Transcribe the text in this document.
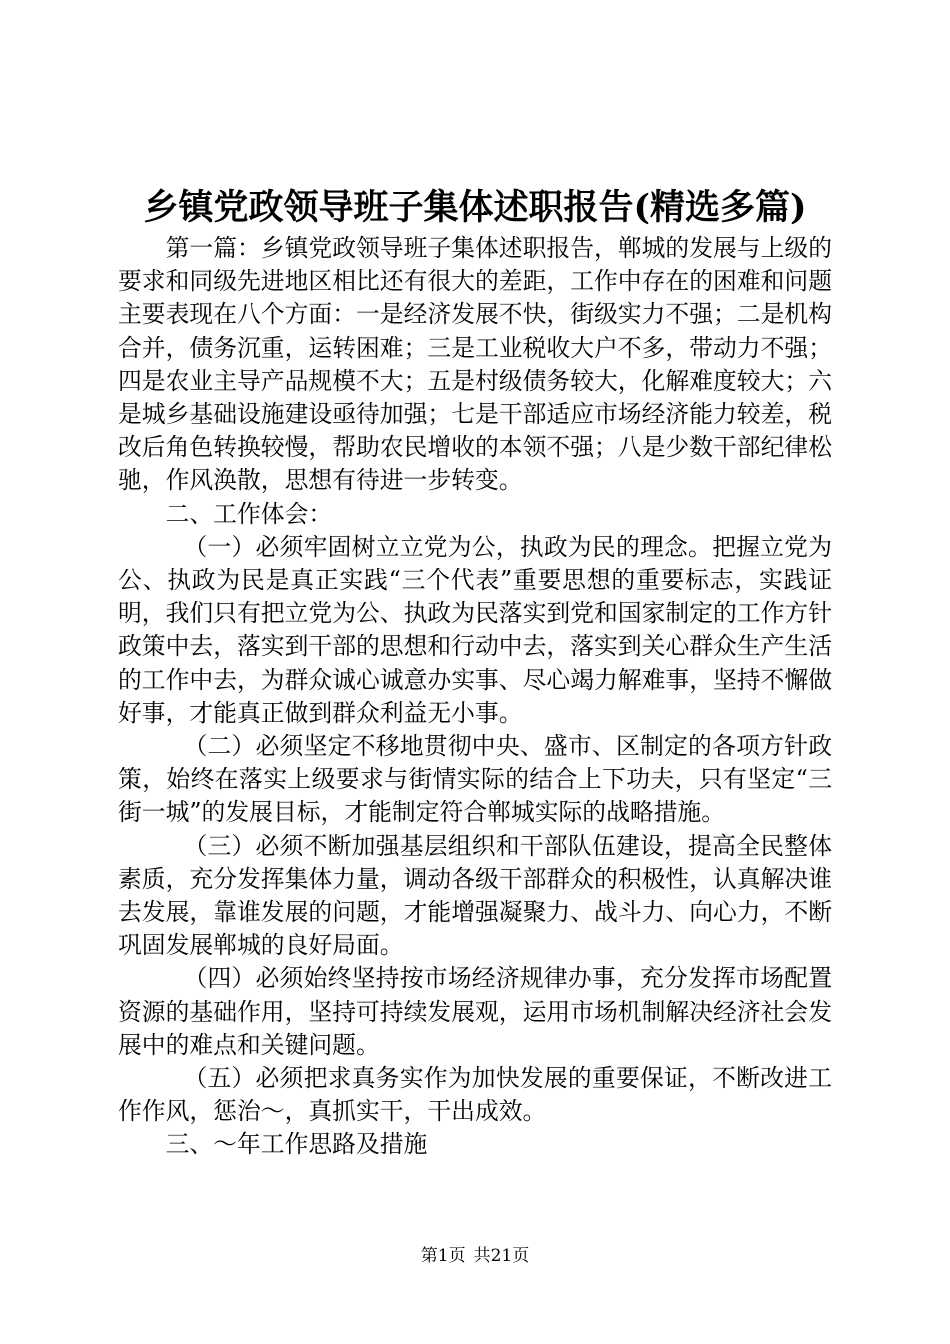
乡镇党政领导班子集体述职报告(精选多篇)

第一篇：乡镇党政领导班子集体述职报告，郸城的发展与上级的要求和同级先进地区相比还有很大的差距，工作中存在的困难和问题主要表现在八个方面：一是经济发展不快，街级实力不强；二是机构合并，债务沉重，运转困难；三是工业税收大户不多，带动力不强；四是农业主导产品规模不大；五是村级债务较大，化解难度较大；六是城乡基础设施建设亟待加强；七是干部适应市场经济能力较差，税改后角色转换较慢，帮助农民增收的本领不强；八是少数干部纪律松驰，作风涣散，思想有待进一步转变。

二、工作体会：

（一）必须牢固树立立党为公，执政为民的理念。把握立党为公、执政为民是真正实践“三个代表”重要思想的重要标志，实践证明，我们只有把立党为公、执政为民落实到党和国家制定的工作方针政策中去，落实到干部的思想和行动中去，落实到关心群众生产生活的工作中去，为群众诚心诚意办实事、尽心竭力解难事，坚持不懈做好事，才能真正做到群众利益无小事。

（二）必须坚定不移地贯彻中央、盛市、区制定的各项方针政策，始终在落实上级要求与街情实际的结合上下功夫，只有坚定“三街一城”的发展目标，才能制定符合郸城实际的战略措施。

（三）必须不断加强基层组织和干部队伍建设，提高全民整体素质，充分发挥集体力量，调动各级干部群众的积极性，认真解决谁去发展，靠谁发展的问题，才能增强凝聚力、战斗力、向心力，不断巩固发展郸城的良好局面。

（四）必须始终坚持按市场经济规律办事，充分发挥市场配置资源的基础作用，坚持可持续发展观，运用市场机制解决经济社会发展中的难点和关键问题。

（五）必须把求真务实作为加快发展的重要保证，不断改进工作作风，惩治～，真抓实干，干出成效。

三、～年工作思路及措施

第1页 共21页
